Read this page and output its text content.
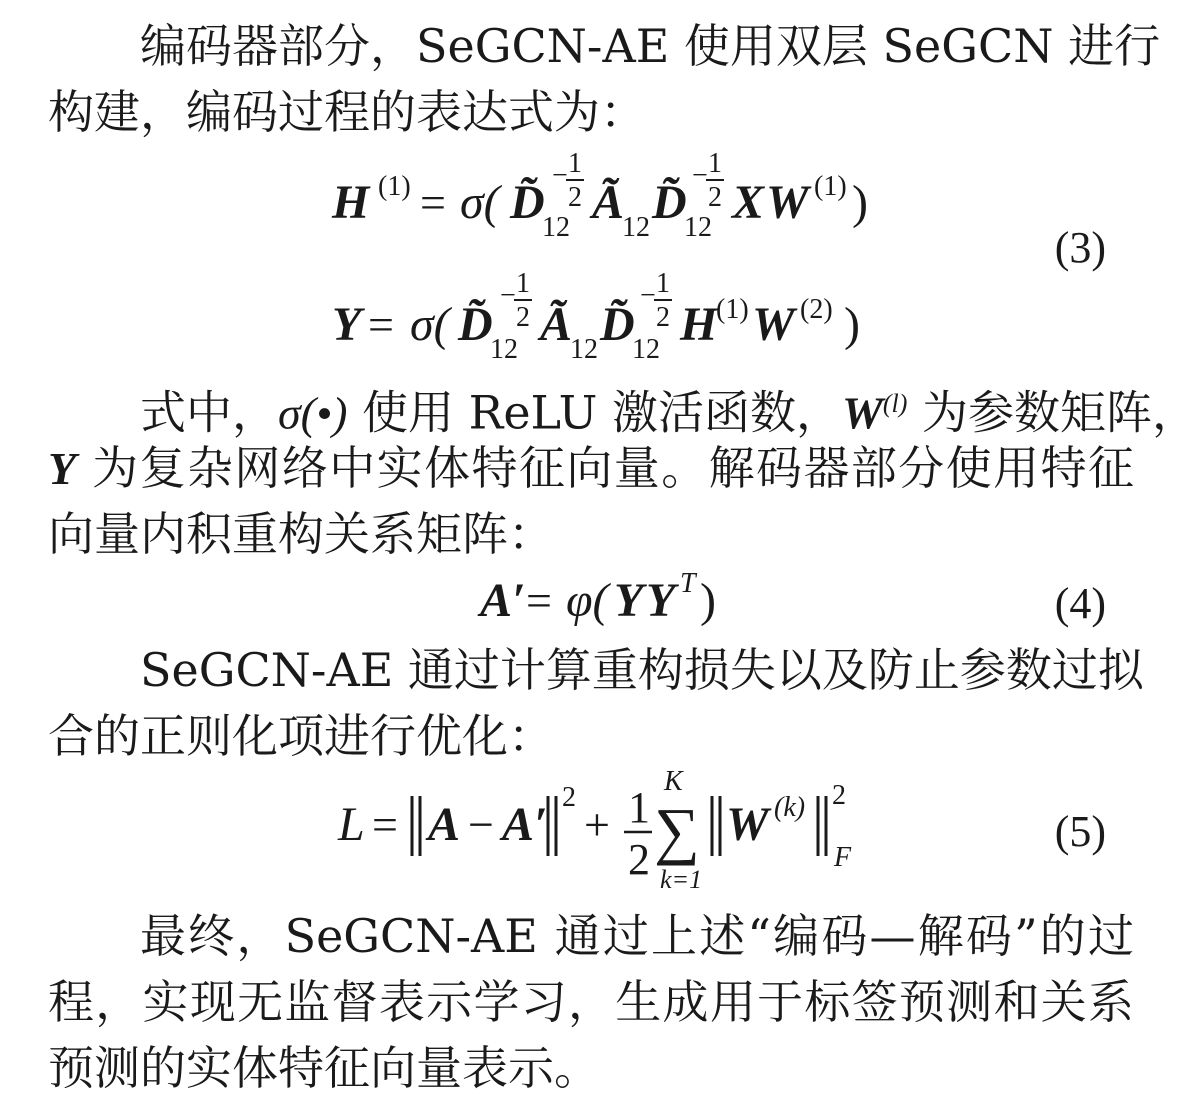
编码器部分，SeGCN-AE 使用双层 SeGCN 进行
构建，编码过程的表达式为：
H (1) = σ( D̃
12
− 1
2 Ã
12 D̃
12
− 1
2 X W (1) )
Y = σ( D̃
12
− 1
2 Ã
12 D̃
12
− 1
2 H
(1) W (2) )
( 3 )
式中，σ(•) 使用 ReLU 激活函数，$W^{(l)}$ 为参数矩阵，
Y 为复杂网络中实体特征向量。解码器部分使用特征
向量内积重构关系矩阵：
A′ = φ( Y Y T )
(	4 )
SeGCN-AE 通过计算重构损失以及防止参数过拟
合的正则化项进行优化：
L = A − A′
2
+ 1
2
K
∑
k=1
W (k) 2
F
( 5 )
最终，SeGCN-AE 通过上述“编码—解码”的过
程，实现无监督表示学习，生成用于标签预测和关系
预测的实体特征向量表示。
